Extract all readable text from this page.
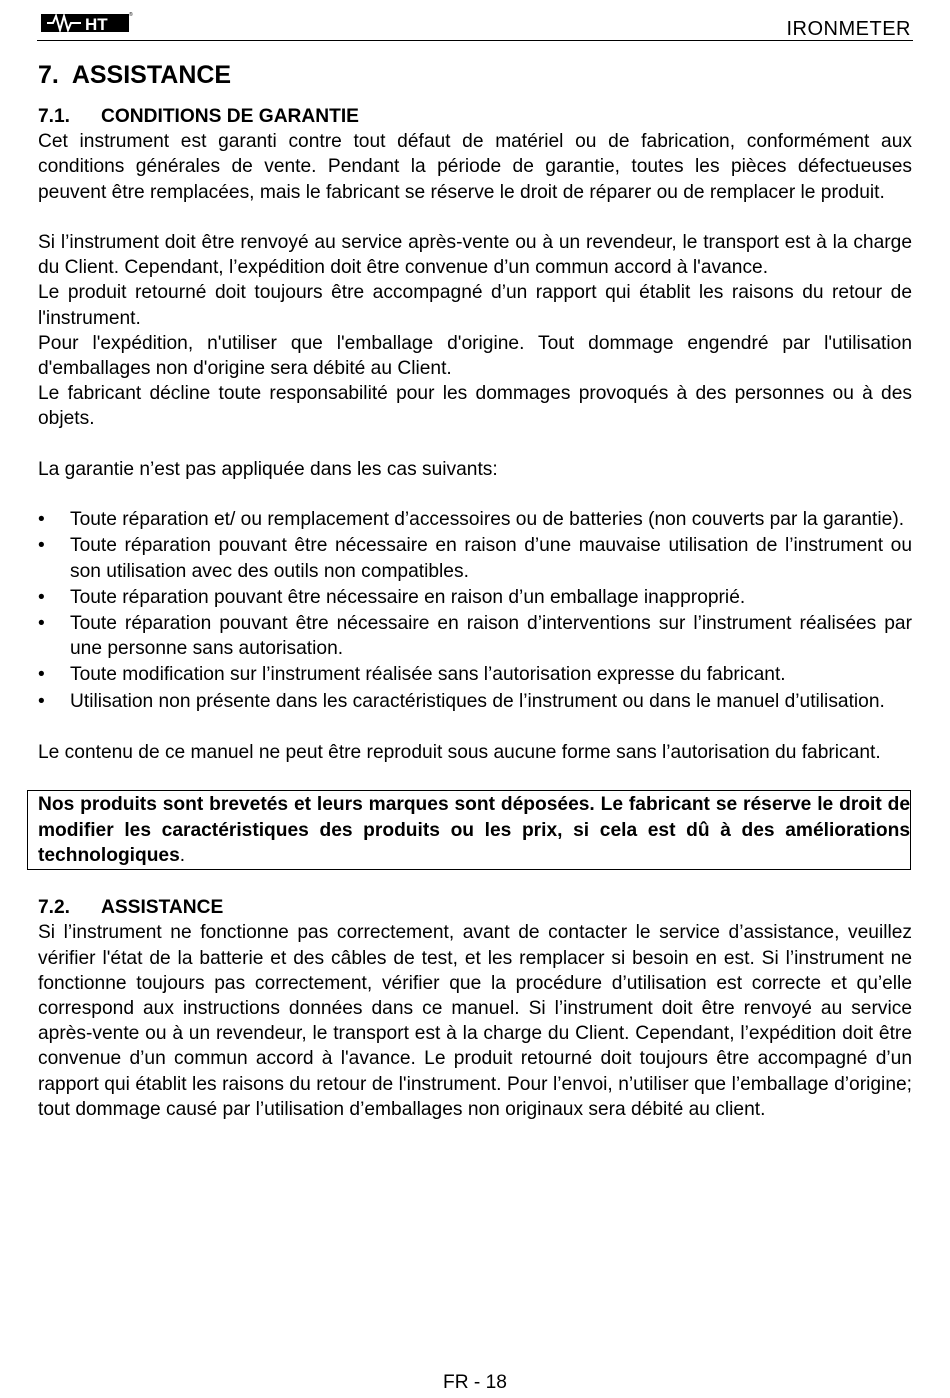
HT	®
IRONMETER
7. ASSISTANCE
7.1. CONDITIONS DE GARANTIE

Cet instrument est garanti contre tout défaut de matériel ou de fabrication, conformément aux conditions générales de vente. Pendant la période de garantie, toutes les pièces défectueuses peuvent être remplacées, mais le fabricant se réserve le droit de réparer ou de remplacer le produit.

Si l’instrument doit être renvoyé au service après-vente ou à un revendeur, le transport est à la charge du Client. Cependant, l’expédition doit être convenue d’un commun accord à l'avance.

Le produit retourné doit toujours être accompagné d’un rapport qui établit les raisons du retour de l'instrument.

Pour l'expédition, n'utiliser que l'emballage d'origine. Tout dommage engendré par l'utilisation d'emballages non d'origine sera débité au Client.

Le fabricant décline toute responsabilité pour les dommages provoqués à des personnes ou à des objets.

La garantie n’est pas appliquée dans les cas suivants:

• Toute réparation et/ ou remplacement d’accessoires ou de batteries (non couverts par la garantie).
• Toute réparation pouvant être nécessaire en raison d’une mauvaise utilisation de l’instrument ou son utilisation avec des outils non compatibles.
• Toute réparation pouvant être nécessaire en raison d’un emballage inapproprié.
• Toute réparation pouvant être nécessaire en raison d’interventions sur l’instrument réalisées par une personne sans autorisation.
• Toute modification sur l’instrument réalisée sans l’autorisation expresse du fabricant.
• Utilisation non présente dans les caractéristiques de l’instrument ou dans le manuel d’utilisation.

Le contenu de ce manuel ne peut être reproduit sous aucune forme sans l’autorisation du fabricant.

Nos produits sont brevetés et leurs marques sont déposées. Le fabricant se réserve le droit de modifier les caractéristiques des produits ou les prix, si cela est dû à des améliorations technologiques.

7.2. ASSISTANCE

Si l’instrument ne fonctionne pas correctement, avant de contacter le service d’assistance, veuillez vérifier l'état de la batterie et des câbles de test, et les remplacer si besoin en est. Si l’instrument ne fonctionne toujours pas correctement, vérifier que la procédure d’utilisation est correcte et qu’elle correspond aux instructions données dans ce manuel. Si l’instrument doit être renvoyé au service après-vente ou à un revendeur, le transport est à la charge du Client. Cependant, l’expédition doit être convenue d’un commun accord à l'avance. Le produit retourné doit toujours être accompagné d’un rapport qui établit les raisons du retour de l'instrument. Pour l’envoi, n’utiliser que l’emballage d’origine; tout dommage causé par l’utilisation d’emballages non originaux sera débité au client.

FR - 18
